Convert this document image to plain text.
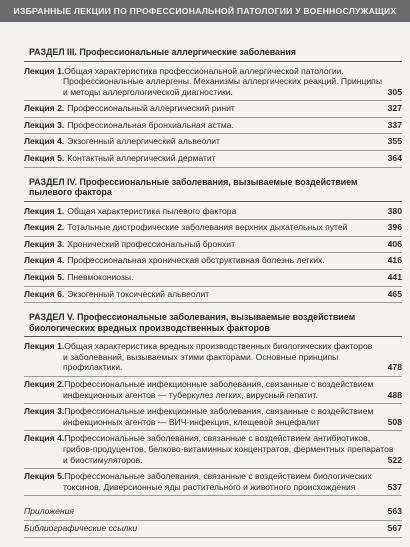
ИЗБРАННЫЕ ЛЕКЦИИ ПО ПРОФЕССИОНАЛЬНОЙ ПАТОЛОГИИ У ВОЕННОСЛУЖАЩИХ
РАЗДЕЛ III. Профессиональные аллергические заболевания
Лекция 1. Общая характеристика профессиональной аллергической патологии.
Профессиональные аллергены. Механизмы аллергических реакций. Принципы
и методы аллергологической диагностики.	305
Лекция 2. Профессиональный аллергический ринит	327
Лекция 3. Профессиональная бронхиальная астма.	337
Лекция 4. Экзогенный аллергический альвеолит	355
Лекция 5. Контактный аллергический дерматит	364
РАЗДЕЛ IV. Профессиональные заболевания, вызываемые воздействием пылевого фактора
Лекция 1. Общая характеристика пылевого фактора	380
Лекция 2. Тотальные дистрофические заболевания верхних дыхательных путей	396
Лекция 3. Хронический профессиональный бронхит	406
Лекция 4. Профессиональная хроническая обструктивная болезнь легких.	416
Лекция 5. Пневмокониозы.	441
Лекция 6. Экзогенный токсический альвеолит	465
РАЗДЕЛ V. Профессиональные заболевания, вызываемые воздействием биологических вредных производственных факторов
Лекция 1. Общая характеристика вредных производственных биологических факторов
и заболеваний, вызываемых этими факторами. Основные принципы профилактики.	478
Лекция 2. Профессиональные инфекционные заболевания, связанные с воздействием
инфекционных агентов — туберкулез легких, вирусный гепатит.	488
Лекция 3. Профессиональные инфекционные заболевания, связанные с воздействием
инфекционных агентов — ВИЧ-инфекция, клещевой энцефалит	508
Лекция 4. Профессиональные заболевания, связанные с воздействием антибиотиков,
грибов-продуцентов, белково-витаминных концентратов, ферментных препаратов
и биостимуляторов.	522
Лекция 5. Профессиональные заболевания, связанные с воздействием биологических
токсинов. Диверсионные яды растительного и животного происхождения	537
Приложения	563
Библиографические ссылки	567
